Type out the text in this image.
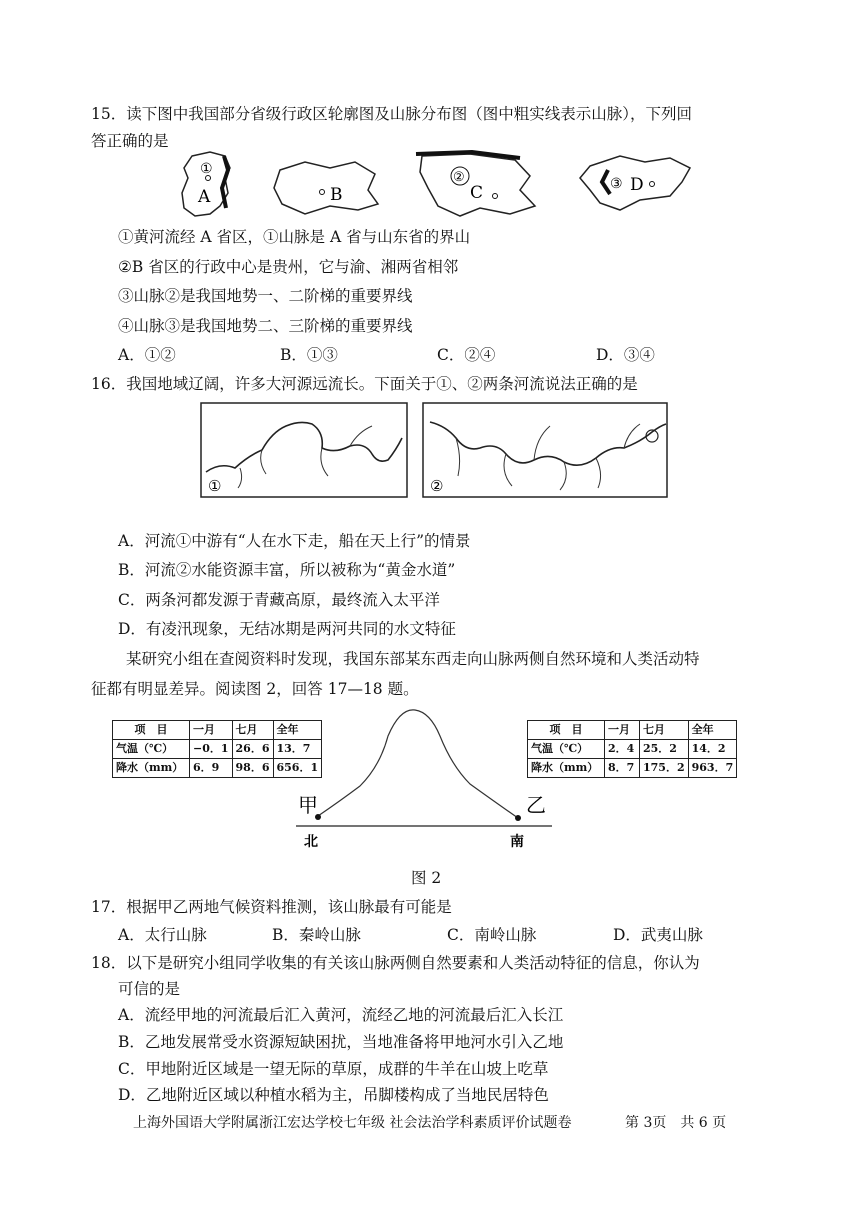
15．读下图中我国部分省级行政区轮廓图及山脉分布图（图中粗实线表示山脉），下列回
答正确的是
①
A	B
②
C	③ D
①黄河流经 A 省区，①山脉是 A 省与山东省的界山
②B 省区的行政中心是贵州，它与渝、湘两省相邻
③山脉②是我国地势一、二阶梯的重要界线
④山脉③是我国地势二、三阶梯的重要界线
A．①②	B．①③	C．②④	D．③④
16．我国地域辽阔，许多大河源远流长。下面关于①、②两条河流说法正确的是
①	②
A．河流①中游有“人在水下走，船在天上行”的情景
B．河流②水能资源丰富，所以被称为“黄金水道”
C．两条河都发源于青藏高原，最终流入太平洋
D．有凌汛现象，无结冰期是两河共同的水文特征
某研究小组在查阅资料时发现，我国东部某东西走向山脉两侧自然环境和人类活动特
征都有明显差异。阅读图 2，回答 17—18 题。
项　目	一月	七月	全年
气温（℃）	−0．1	26．6	13．7
降水（mm）	6．9	98．6	656．1
项　目	一月	七月	全年
气温（℃）	2．4	25．2	14．2
降水（mm）	8．7	175．2	963．7
甲	乙
北	南
图 2
17．根据甲乙两地气候资料推测，该山脉最有可能是
A．太行山脉	B．秦岭山脉	C．南岭山脉	D．武夷山脉
18．以下是研究小组同学收集的有关该山脉两侧自然要素和人类活动特征的信息，你认为
可信的是
A．流经甲地的河流最后汇入黄河，流经乙地的河流最后汇入长江
B．乙地发展常受水资源短缺困扰，当地准备将甲地河水引入乙地
C．甲地附近区域是一望无际的草原，成群的牛羊在山坡上吃草
D．乙地附近区域以种植水稻为主，吊脚楼构成了当地民居特色
上海外国语大学附属浙江宏达学校七年级 社会法治学科素质评价试题卷	第 3页　共 6 页
